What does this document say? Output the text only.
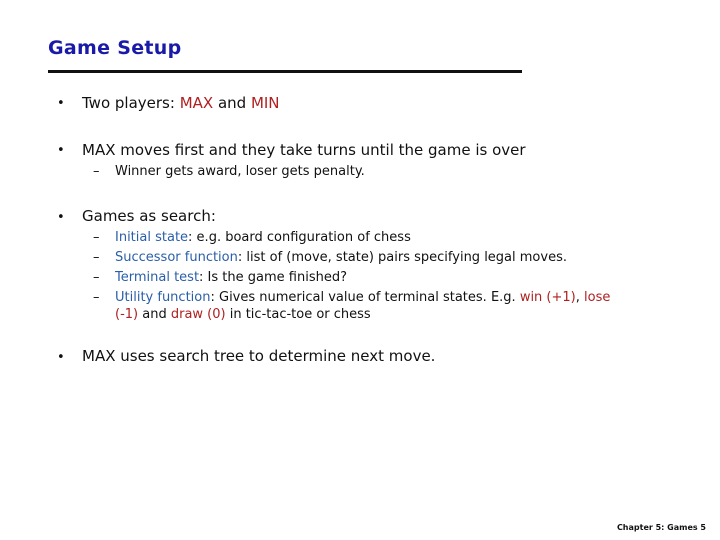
Game Setup
• Two players: MAX and MIN
• MAX moves first and they take turns until the game is over
– Winner gets award, loser gets penalty.
• Games as search:
– Initial state: e.g. board configuration of chess
– Successor function: list of (move, state) pairs specifying legal moves.
– Terminal test: Is the game finished?
– Utility function: Gives numerical value of terminal states. E.g. win (+1), lose
(-1) and draw (0) in tic-tac-toe or chess
• MAX uses search tree to determine next move.
Chapter 5: Games 5
